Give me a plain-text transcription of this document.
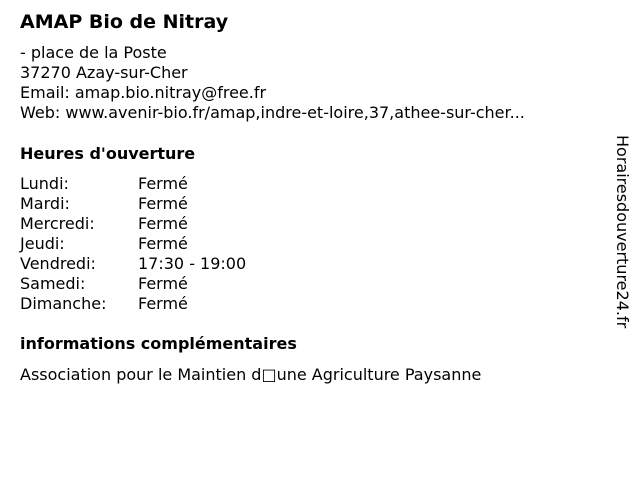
AMAP Bio de Nitray
- place de la Poste
37270 Azay-sur-Cher
Email: amap.bio.nitray@free.fr
Web: www.avenir-bio.fr/amap,indre-et-loire,37,athee-sur-cher...
Heures d'ouverture
Lundi:	Fermé
Mardi:	Fermé
Mercredi:	Fermé
Jeudi:	Fermé
Vendredi:	17:30 - 19:00
Samedi:	Fermé
Dimanche: Fermé
informations complémentaires
Association pour le Maintien d□une Agriculture Paysanne
Horairesdouverture24.fr
